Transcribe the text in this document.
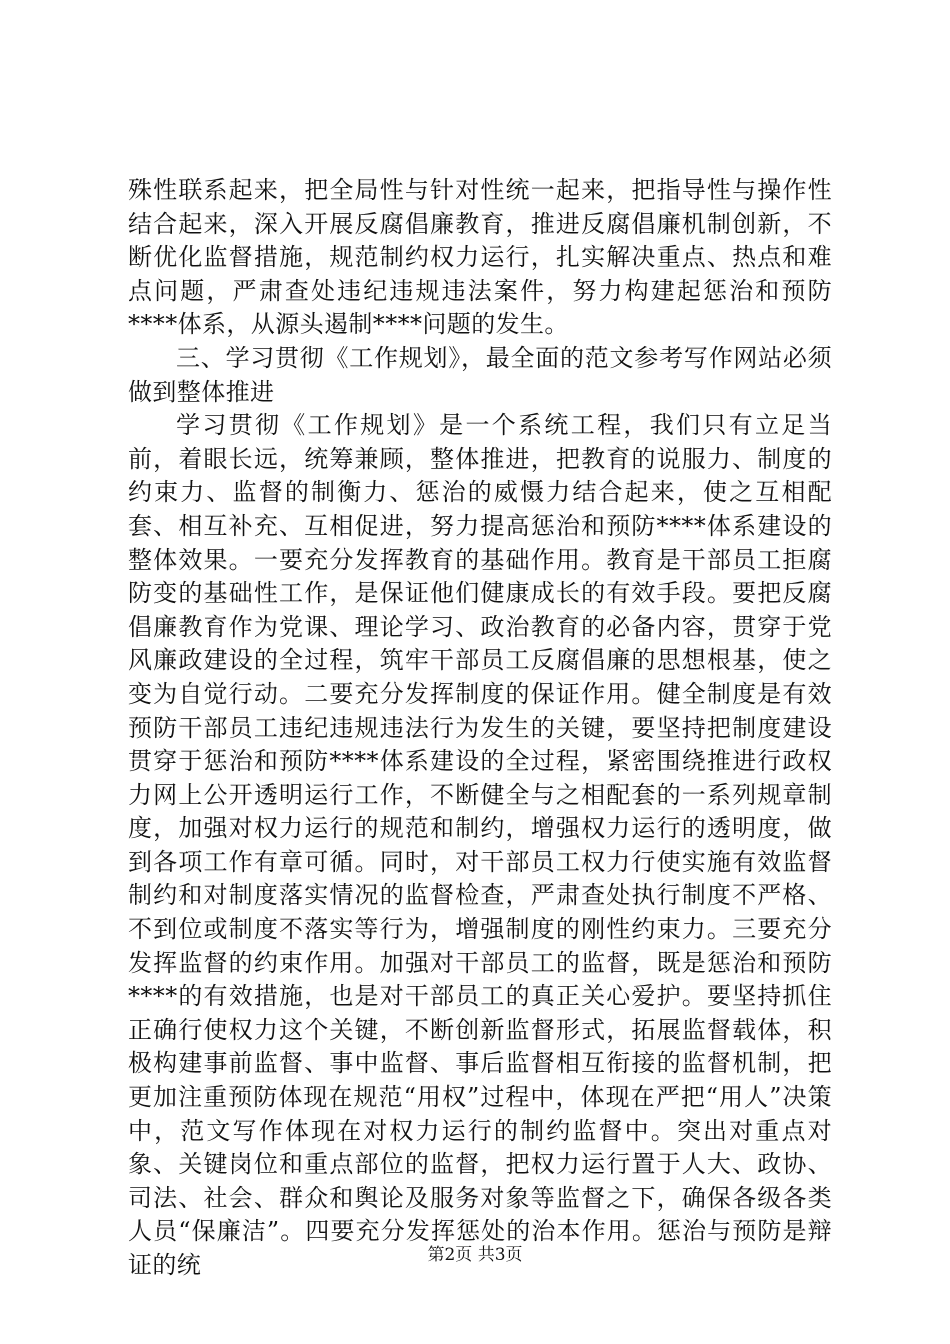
殊性联系起来，把全局性与针对性统一起来，把指导性与操作性结合起来，深入开展反腐倡廉教育，推进反腐倡廉机制创新，不断优化监督措施，规范制约权力运行，扎实解决重点、热点和难点问题，严肃查处违纪违规违法案件，努力构建起惩治和预防****体系，从源头遏制****问题的发生。

三、学习贯彻《工作规划》，最全面的范文参考写作网站必须做到整体推进

学习贯彻《工作规划》是一个系统工程，我们只有立足当前，着眼长远，统筹兼顾，整体推进，把教育的说服力、制度的约束力、监督的制衡力、惩治的威慑力结合起来，使之互相配套、相互补充、互相促进，努力提高惩治和预防****体系建设的整体效果。一要充分发挥教育的基础作用。教育是干部员工拒腐防变的基础性工作，是保证他们健康成长的有效手段。要把反腐倡廉教育作为党课、理论学习、政治教育的必备内容，贯穿于党风廉政建设的全过程，筑牢干部员工反腐倡廉的思想根基，使之变为自觉行动。二要充分发挥制度的保证作用。健全制度是有效预防干部员工违纪违规违法行为发生的关键，要坚持把制度建设贯穿于惩治和预防****体系建设的全过程，紧密围绕推进行政权力网上公开透明运行工作，不断健全与之相配套的一系列规章制度，加强对权力运行的规范和制约，增强权力运行的透明度，做到各项工作有章可循。同时，对干部员工权力行使实施有效监督制约和对制度落实情况的监督检查，严肃查处执行制度不严格、不到位或制度不落实等行为，增强制度的刚性约束力。三要充分发挥监督的约束作用。加强对干部员工的监督，既是惩治和预防****的有效措施，也是对干部员工的真正关心爱护。要坚持抓住正确行使权力这个关键，不断创新监督形式，拓展监督载体，积极构建事前监督、事中监督、事后监督相互衔接的监督机制，把更加注重预防体现在规范“用权”过程中，体现在严把“用人”决策中，范文写作体现在对权力运行的制约监督中。突出对重点对象、关键岗位和重点部位的监督，把权力运行置于人大、政协、司法、社会、群众和舆论及服务对象等监督之下，确保各级各类人员“保廉洁”。四要充分发挥惩处的治本作用。惩治与预防是辩证的统	第2页 共3页
